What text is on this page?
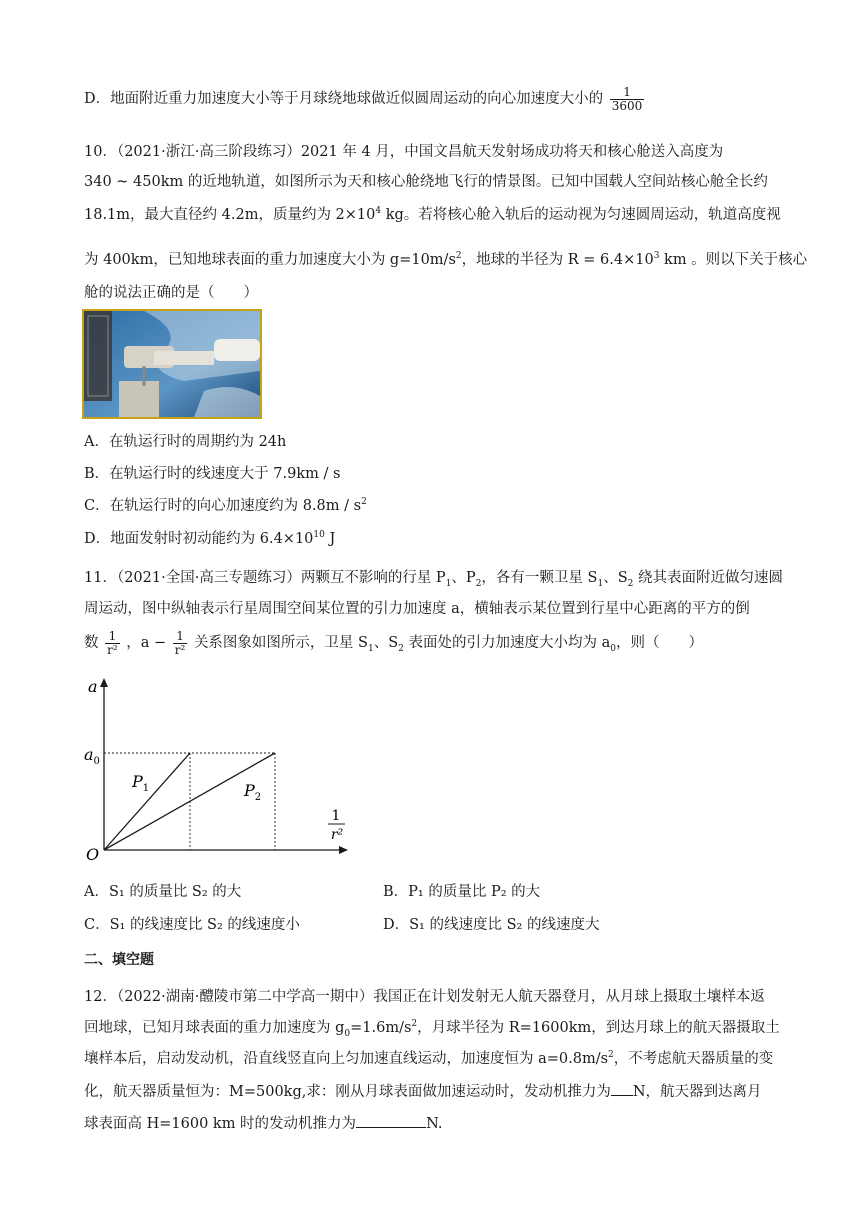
D．地面附近重力加速度大小等于月球绕地球做近似圆周运动的向心加速度大小的 $\frac{1}{3600}$
10．（2021·浙江·高三阶段练习）2021 年 4 月，中国文昌航天发射场成功将天和核心舱送入高度为
340 ~ 450km 的近地轨道，如图所示为天和核心舱绕地飞行的情景图。已知中国载人空间站核心舱全长约
18.1m，最大直径约 4.2m，质量约为 $2\times 10^4$ kg。若将核心舱入轨后的运动视为匀速圆周运动，轨道高度视
为 400km，已知地球表面的重力加速度大小为 $g=10m/s^2$，地球的半径为 $R = 6.4\times 10^3$ km 。则以下关于核心
舱的说法正确的是（　　）
A．在轨运行时的周期约为 24h
B．在轨运行时的线速度大于 7.9km / s
C．在轨运行时的向心加速度约为 $8.8m / s^2$
D．地面发射时初动能约为 $6.4\times 10^{10}$ J
11．（2021·全国·高三专题练习）两颗互不影响的行星 $P_1$、$P_2$，各有一颗卫星 $S_1$、$S_2$ 绕其表面附近做匀速圆
周运动，图中纵轴表示行星周围空间某位置的引力加速度 a，横轴表示某位置到行星中心距离的平方的倒
数 $\frac{1}{\text{r²}}$ ，$a - \frac{1}{\text{r²}}$ 关系图象如图所示，卫星 $S_1$、$S_2$ 表面处的引力加速度大小均为 $a_0$，则（　　）
a
$a_0$
O
$P_1$	$P_2$
1
r²
A．S₁ 的质量比 S₂ 的大	B．P₁ 的质量比 P₂ 的大
C．S₁ 的线速度比 S₂ 的线速度小	D．S₁ 的线速度比 S₂ 的线速度大
二、填空题
12．（2022·湖南·醴陵市第二中学高一期中）我国正在计划发射无人航天器登月，从月球上摄取土壤样本返
回地球，已知月球表面的重力加速度为 $g_0=1.6m/s^2$，月球半径为 R=1600km，到达月球上的航天器摄取土
壤样本后，启动发动机，沿直线竖直向上匀加速直线运动，加速度恒为 $a=0.8m/s^2$，不考虑航天器质量的变
化，航天器质量恒为：M=500kg,求：刚从月球表面做加速运动时，发动机推力为 N，航天器到达离月
球表面高 H=1600 km 时的发动机推力为	N.
